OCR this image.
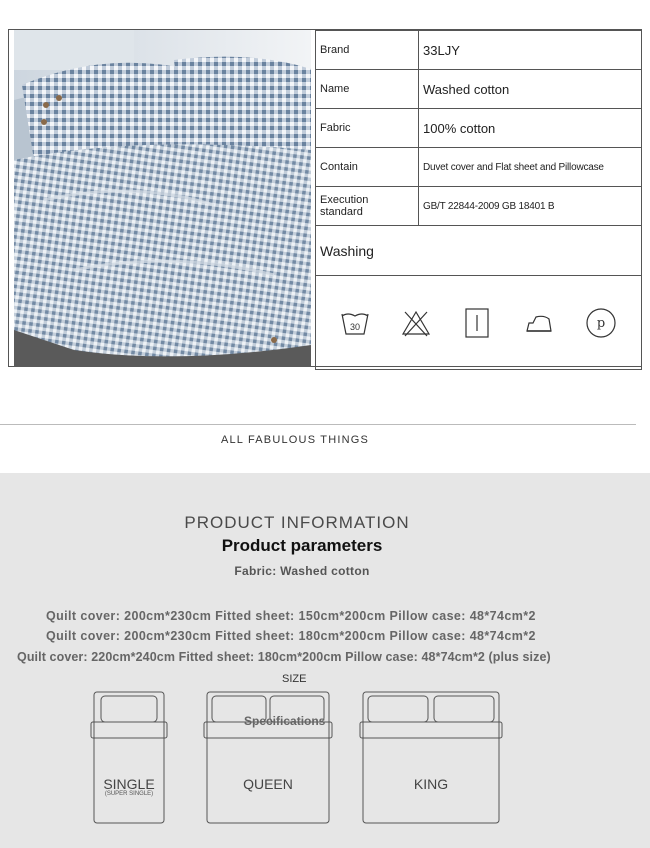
Brand	33LJY
Name	Washed cotton
Fabric	100% cotton
Contain	Duvet cover and Flat sheet and Pillowcase
Execution standard	GB/T 22844-2009 GB 18401 B
Washing	

30 p	
ALL FABULOUS THINGS
PRODUCT INFORMATION
Product parameters
Fabric: Washed cotton
Quilt cover: 200cm*230cm Fitted sheet: 150cm*200cm Pillow case: 48*74cm*2
Quilt cover: 200cm*230cm Fitted sheet: 180cm*200cm Pillow case: 48*74cm*2
Quilt cover: 220cm*240cm Fitted sheet: 180cm*200cm Pillow case: 48*74cm*2 (plus size)
SIZE
Specifications
SINGLE
(SUPER SINGLE)
QUEEN	KING
